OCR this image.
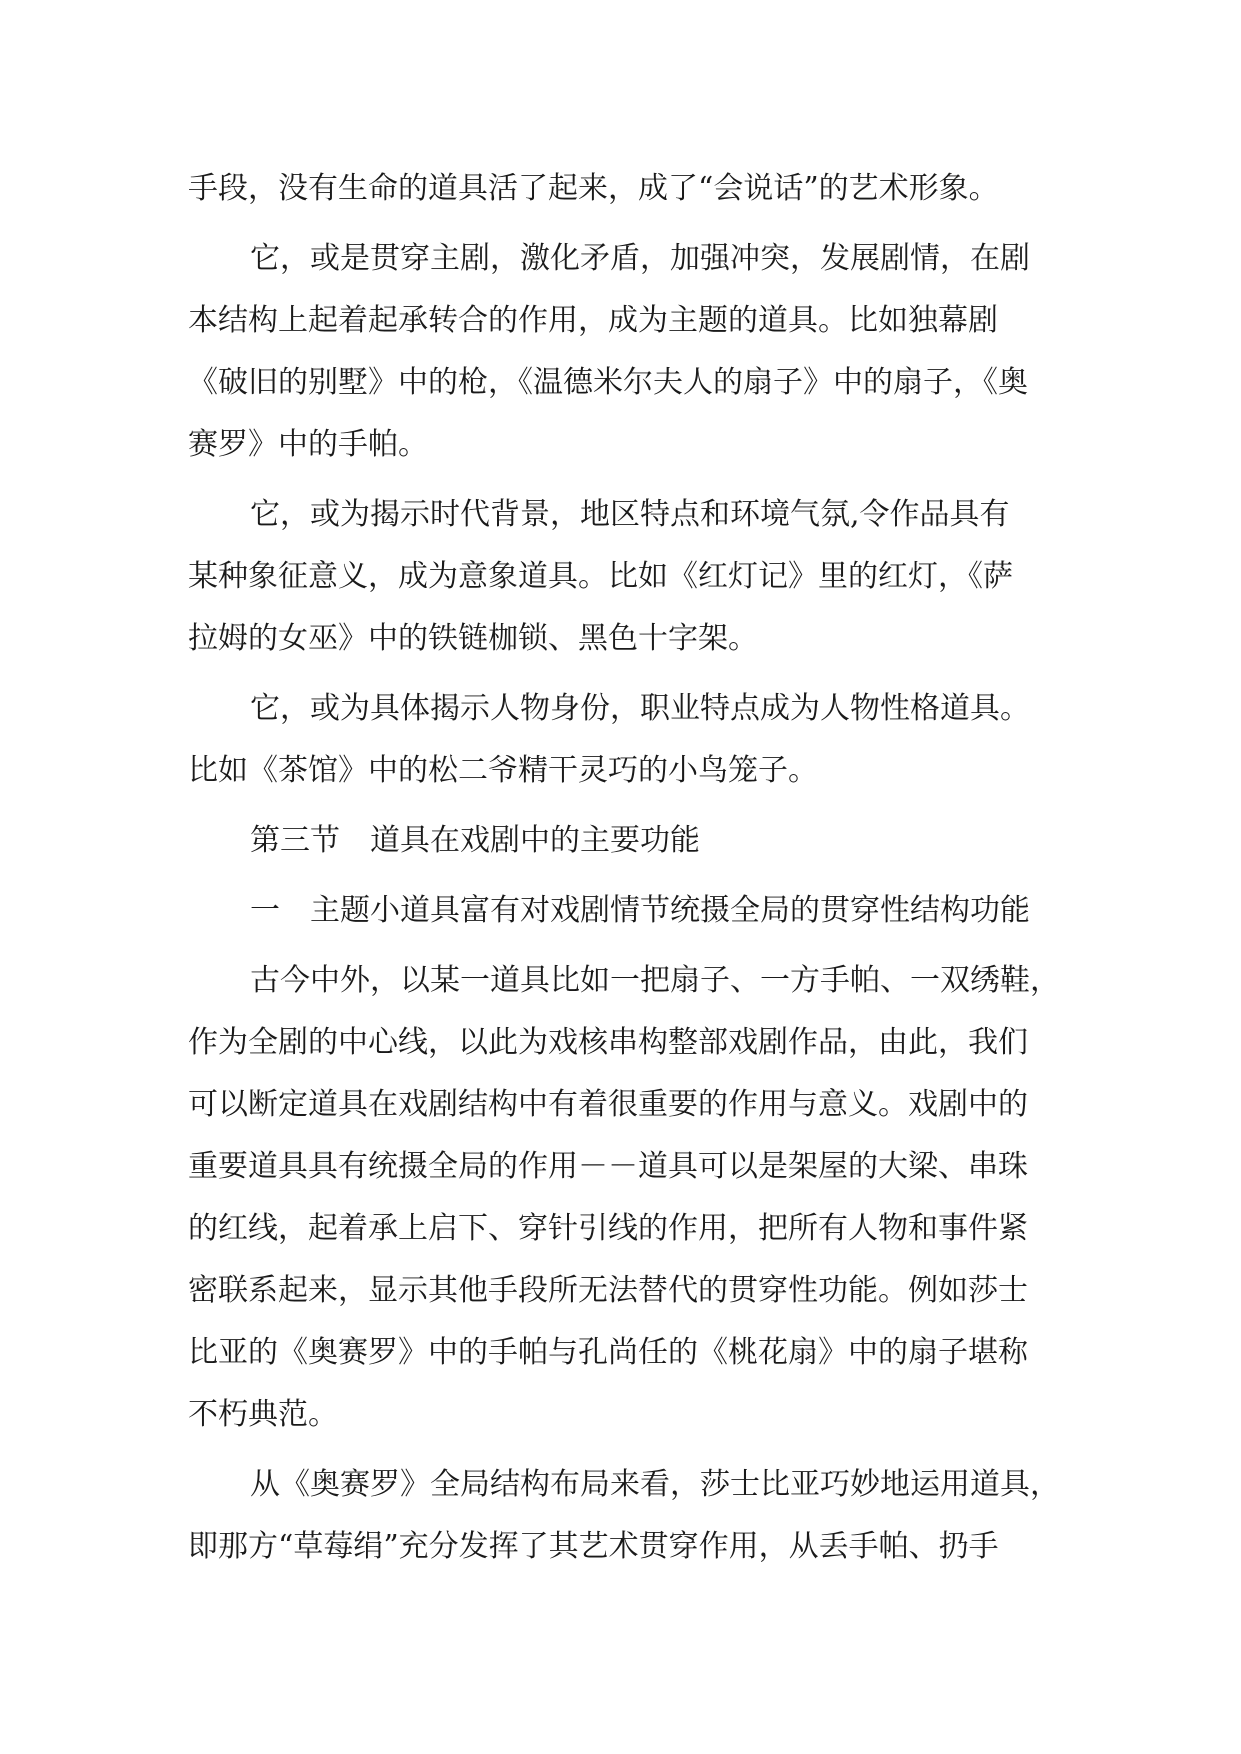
手段，没有生命的道具活了起来，成了“会说话”的艺术形象。
它，或是贯穿主剧，激化矛盾，加强冲突，发展剧情，在剧
本结构上起着起承转合的作用，成为主题的道具。比如独幕剧
《破旧的别墅》中的枪，《温德米尔夫人的扇子》中的扇子，《奥
赛罗》中的手帕。
它，或为揭示时代背景，地区特点和环境气氛,令作品具有
某种象征意义，成为意象道具。比如《红灯记》里的红灯，《萨
拉姆的女巫》中的铁链枷锁、黑色十字架。
它，或为具体揭示人物身份，职业特点成为人物性格道具。
比如《茶馆》中的松二爷精干灵巧的小鸟笼子。
第三节　道具在戏剧中的主要功能
一　主题小道具富有对戏剧情节统摄全局的贯穿性结构功能
古今中外，以某一道具比如一把扇子、一方手帕、一双绣鞋，
作为全剧的中心线，以此为戏核串构整部戏剧作品，由此，我们
可以断定道具在戏剧结构中有着很重要的作用与意义。戏剧中的
重要道具具有统摄全局的作用－－道具可以是架屋的大梁、串珠
的红线，起着承上启下、穿针引线的作用，把所有人物和事件紧
密联系起来，显示其他手段所无法替代的贯穿性功能。例如莎士
比亚的《奥赛罗》中的手帕与孔尚任的《桃花扇》中的扇子堪称
不朽典范。
从《奥赛罗》全局结构布局来看，莎士比亚巧妙地运用道具，
即那方“草莓绢”充分发挥了其艺术贯穿作用，从丢手帕、扔手
